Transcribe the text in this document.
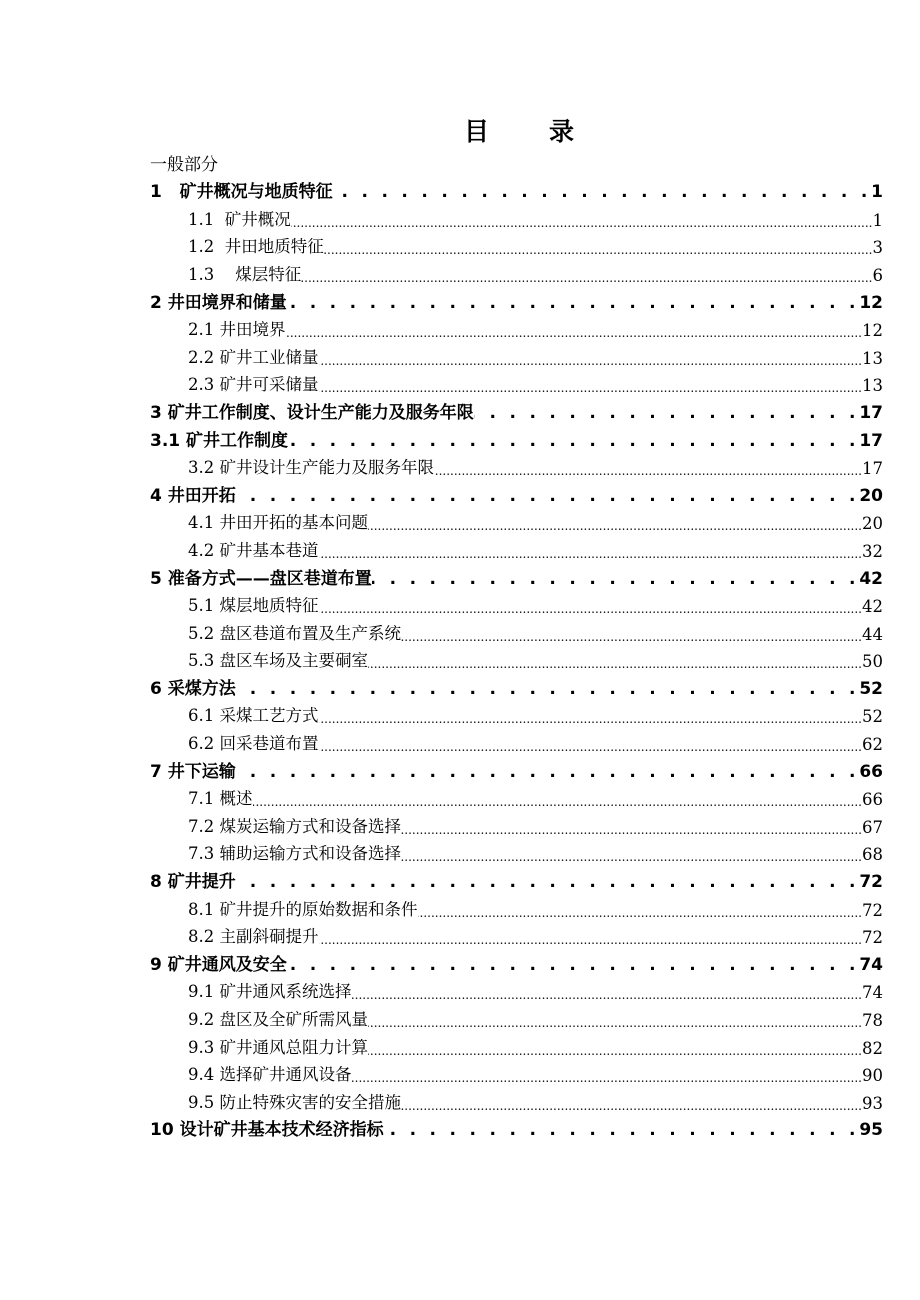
目 录
一般部分
1   矿井概况与地质特征 . . .	1
1.1  矿井概况 .....	1
1.2  井田地质特征 .....	3
1.3    煤层特征 .....	6
2 井田境界和储量 . . .	12
2.1 井田境界 .....	12
2.2 矿井工业储量 .....	13
2.3 矿井可采储量 .....	13
3 矿井工作制度、设计生产能力及服务年限 . . .	17
3.1 矿井工作制度 . . .	17
3.2 矿井设计生产能力及服务年限 .....	17
4 井田开拓 . . .	20
4.1 井田开拓的基本问题 .....	20
4.2 矿井基本巷道 .....	32
5 准备方式——盘区巷道布置 . . .	42
5.1 煤层地质特征 .....	42
5.2 盘区巷道布置及生产系统 .....	44
5.3 盘区车场及主要硐室 .....	50
6 采煤方法 . . .	52
6.1 采煤工艺方式 .....	52
6.2 回采巷道布置 .....	62
7 井下运输 . . .	66
7.1 概述 .....	66
7.2 煤炭运输方式和设备选择 .....	67
7.3 辅助运输方式和设备选择 .....	68
8 矿井提升 . . .	72
8.1 矿井提升的原始数据和条件 .....	72
8.2 主副斜硐提升 .....	72
9 矿井通风及安全 . . .	74
9.1 矿井通风系统选择 .....	74
9.2 盘区及全矿所需风量 .....	78
9.3 矿井通风总阻力计算 .....	82
9.4 选择矿井通风设备 .....	90
9.5 防止特殊灾害的安全措施 .....	93
10 设计矿井基本技术经济指标 . . .	95
